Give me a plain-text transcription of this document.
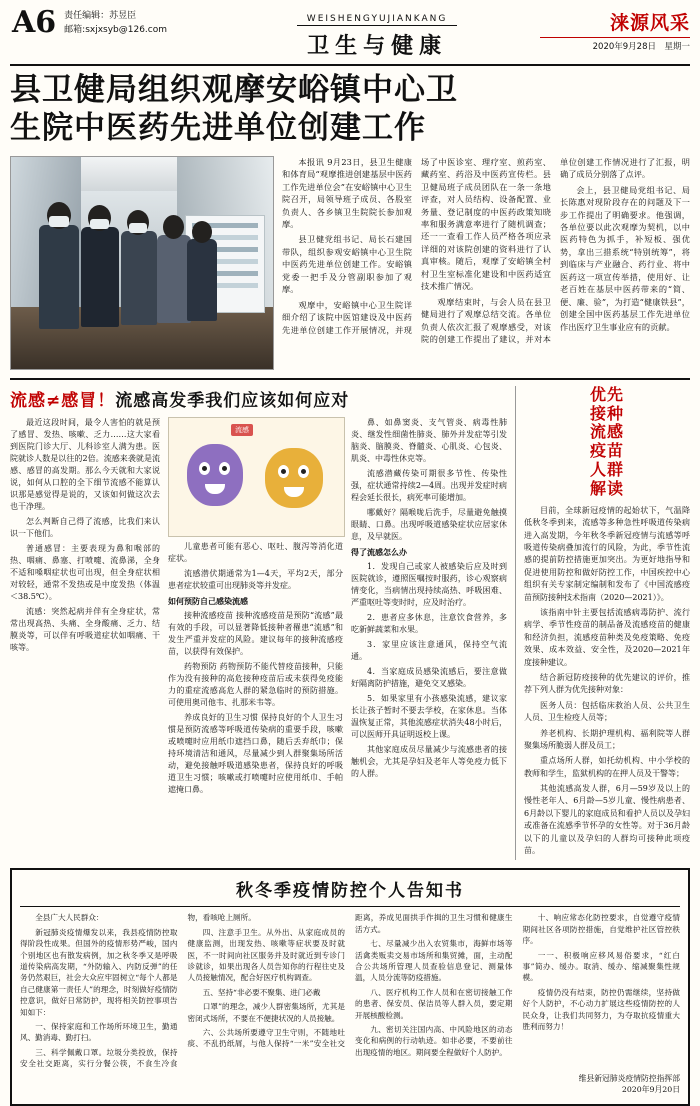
A6 责任编辑：苏昱臣
邮箱:sxjxsyb@126.com
WEISHENGYUJIANKANG
卫生与健康
涞源风采
2020年9月28日　星期一
县卫健局组织观摩安峪镇中心卫
生院中医药先进单位创建工作

本报讯 9月23日，县卫生健康和体育局“观摩推进创建基层中医药工作先进单位会”在安峪镇中心卫生院召开，局领导班子成员、各股室负责人、各乡镇卫生院院长参加观摩。

县卫健党组书记、局长石建国带队，组织参观安峪镇中心卫生院中医药先进单位创建工作。安峪镇党委一把手及分管副职参加了观摩。

观摩中，安峪镇中心卫生院详细介绍了该院中医馆建设及中医药先进单位创建工作开展情况，并现场了中医诊室、理疗室、煎药室、藏药室、药浴及中医药宣传栏。县卫健局班子成员团队在一条一条地评查，对人员结构、设备配置、业务量、登记制度的中医药政策知晓率和服务满意率进行了随机调查；还一一查看工作人员严格各项应录详细的对该院创建的资料进行了认真审核。随后，观摩了安峪镇全村村卫生室标准化建设和中医药适宜技术推广情况。

观摩结束时，与会人员在县卫健局进行了观摩总结交流。各单位负责人依次汇报了观摩感受，对该院的创建工作提出了建议，并对本单位创建工作情况进行了汇报，明确了成员分别落了点评。

会上，县卫健局党组书记、局长陈惠对现阶段存在的问题及下一步工作提出了明确要求。他强调，各单位要以此次观摩为契机，以中医药特色为抓手，补短板、强优势，拿出三措系统“特别统筹”，将到临床与产业融合、药行业、将中医药这一项宣传举措，使用好、让老百姓在基层中医药带来的“简、便、廉、验”，为打造“健康铁县”，创建全国中医药基层工作先进单位作出医疗卫生事业应有的贡献。

流感≠感冒！流感高发季我们应该如何应对

最近这段时间，最令人害怕的就是预了感冒、发热、咳嗽、乏力……这大家看到医院门诊大厅、儿科诊室人满为患。医院就诊人数是以往的2倍。流感来袭就是流感、感冒的高发期。那么今天就和大家说说，如何从口腔的全下细节流感不能算认识那是感觉得是说的，又该如何做这次去也干净理。

怎么判断自己得了流感，比我们来认识一下他们。

普通感冒：主要表现为鼻和喉部的热、咽痛、鼻塞、打喷嚏、流鼻涕，全身不适和嗓咽症状也可出现，但全身症状相对较轻，通常不发热或是中度发热（体温＜38.5℃）。

流感：突然起病并伴有全身症状，常常出现高热、头痛、全身酸痛、乏力、结膜炎等，可以伴有呼吸道症状如咽痛、干咳等。

流感

儿童患者可能有恶心、呕吐、腹泻等消化道症状。

流感潜伏期通常为1—4天，平均2天，部分患者症状较重可出现肺炎等并发症。

如何预防自己感染流感

接种流感疫苗 接种流感疫苗是预防“流感”最有效的手段，可以显著降低接种者罹患“流感”和发生严重并发症的风险。建议每年的接种流感疫苗，以获得有效保护。

药物预防 药物预防不能代替疫苗接种，只能作为没有接种的高危接种疫苗后或未获得免疫能力的重症流感高危人群的紧急临时的预防措施。可使用奥司他韦、扎那米韦等。

养成良好的卫生习惯 保持良好的个人卫生习惯是预防流感等呼吸道传染病的重要手段，咳嗽或喷嚏时应用纸巾遮挡口鼻，随后丢弃纸巾；保持环境清洁和通风，尽量减少到人群聚集场所活动，避免接触呼吸道感染患者，保持良好的呼吸道卫生习惯；咳嗽或打喷嚏时应使用纸巾、手帕遮掩口鼻。

鼻、如鼻窦炎、支气管炎、病毒性肺炎、继发性细菌性肺炎、肺外并发症等引发脑炎、脑膜炎、脊髓炎、心肌炎、心包炎、肌炎、中毒性休克等。

流感潜藏传染可期很多节性、传染性强，症状通常持续2—4周。出现并发症时病程会延长很长，病死率可能增加。

哪戴好？隔喉咙后洗手，尽量避免触摸眼睛、口鼻。出现呼吸道感染症状应居家休息，及早就医。

得了流感怎么办

1．发现自己或家人被感染后应及时到医院就诊，遵照医嘱按时服药，诊心观察病情变化，当病情出现持续高热、呼吸困难、严重呕吐等变时时，应及时治疗。

2．患者应多休息，注意饮食营养，多吃新鲜蔬菜和水果。

3．家里应该注意通风，保持空气流通。

4．当家庭成员感染流感后，要注意做好隔离防护措施，避免交叉感染。

5．如果家里有小孩感染流感，建议家长让孩子暂时不要去学校，在家休息。当体温恢复正常，其他流感症状消失48小时后，可以医师开具证明返校上课。

其他家庭成员尽量减少与流感患者的接触机会，尤其是孕妇及老年人等免疫力低下的人群。

优先接种流感疫苗人群解读

目前，全球新冠疫情的起始状下，气温降低秋冬季到来，流感等多种急性呼吸道传染病进入高发期，今年秋冬季新冠疫情与流感等呼吸道传染病叠加流行的风险，为此，季节性流感的提前防控措施更加突出。为更好地指导和促进使用防控和做好防控工作，中国疾控中心组织有关专家制定编制和发布了《中国流感疫苗预防接种技术指南（2020—2021）》。

该指南中针主要包括流感病毒防护、流行病学、季节性疫苗的制品备及流感疫苗的健康和经济负担，流感疫苗种类及免疫策略、免疫效果、成本效益、安全性，及2020—2021年度接种建议。

结合新冠防疫接种的优先建议的评价，推荐下列人群为优先接种对象：

医务人员：包括临床救治人员、公共卫生人员、卫生检疫人员等；

养老机构、长期护理机构、福利院等人群聚集场所脆弱人群及员工；

重点场所人群，如托幼机构、中小学校的教师和学生，监狱机构的在押人员及干警等；

其他流感高发人群，6月—59岁及以上的慢性老年人、6月龄—5岁儿童、慢性病患者、6月龄以下婴儿的家庭成员和看护人员以及孕妇或准备在流感季节怀孕的女性等。对于36月龄以下的儿童以及孕妇的人群均可接种此项疫苗。

秋冬季疫情防控个人告知书

全县广大人民群众：

新冠肺炎疫情爆发以来，我县疫情防控取得阶段性成果。但国外的疫情形势严峻，国内个别地区也有散发病例，加之秋冬季又是呼吸道传染病高发期，“外防输入、内防反弹”的任务仍然艰巨，社会大众应牢固树立“每个人都是自己健康第一责任人”的理念，时刻做好疫情防控意识，做好日常防护，现将相关防控事项告知如下：

一、保持家庭和工作场所环境卫生，勤通风、勤消毒、勤打扫。

三、科学佩戴口罩。垃圾分类投放，保持安全社交距离，实行分餐公筷，不食生冷食物，看咳呛上厕所。

四、注意手卫生。从外出、从家庭成员的健康监测，出现发热、咳嗽等症状要及时就医，不一时间向社区服务并及时就近到专诊门诊就诊，如果出现各人员告知你的行程往史及人员接触情况，配合好医疗机构调查。

五、坚持“非必要不聚集、进门必戴

口罩”的理念，减少人群密集场所，尤其是密闭式场所，不要在不便捷状况的人员接触。

六、公共场所要遵守卫生守则，不随地吐痰、不乱扔纸屑，与他人保持“一米”安全社交距离，养成见面拱手作揖的卫生习惯和健康生活方式。

七、尽量减少出入农贸集市，海鲜市场等活禽类贩卖交易市场所和集贸摊，面，主动配合公共场所管理人员查验信息登记、测量体温，人员分流等防疫措施。

八、医疗机构工作人员和在密切接触工作的患者、保安员、保洁员等人群入员，要定期开展核酸检测。

九、密切关注国内高、中风险地区的动态变化和病例的行动轨迹。如非必要，不要前往出现疫情的地区。期间要全程做好个人防护。

十、响应常态化防控要求，自觉遵守疫情期间社区各项防控措施，自觉维护社区管控秩序。

一一、积极响应移风易俗要求，“红白事”简办、缓办。取消、缓办、缩减聚集性规模。

疫情仍没有结束，防控仍需继续，坚持做好个人防护，不心动力扩展这些疫情防控的人民众身，让我们共同努力，为夺取抗疫情重大胜利而努力！

维县新冠肺炎疫情防控指挥部
2020年9月20日
